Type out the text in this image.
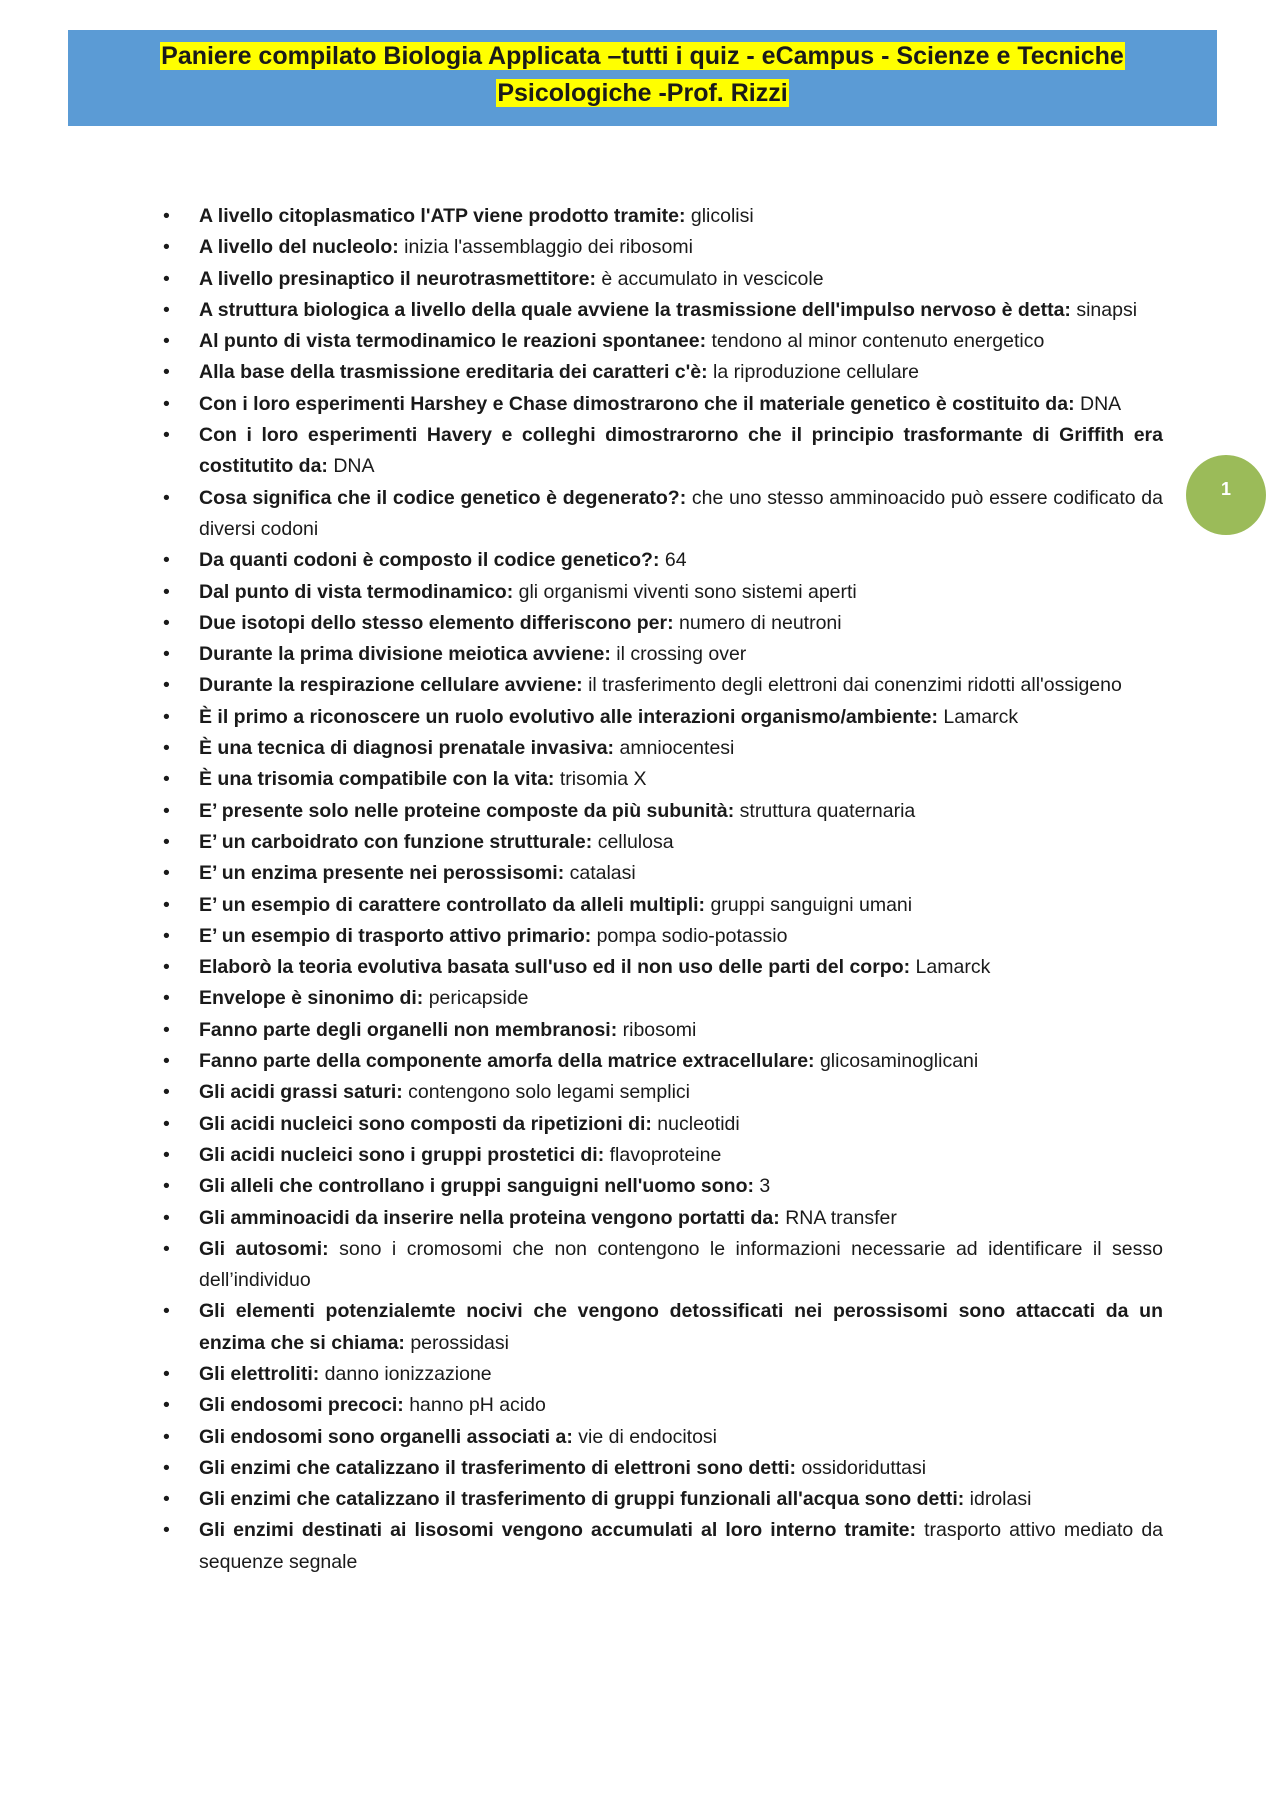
Paniere compilato Biologia Applicata –tutti i quiz - eCampus - Scienze e Tecniche
Psicologiche -Prof. Rizzi
1
• A livello citoplasmatico l'ATP viene prodotto tramite: glicolisi
• A livello del nucleolo: inizia l'assemblaggio dei ribosomi
• A livello presinaptico il neurotrasmettitore: è accumulato in vescicole
• A struttura biologica a livello della quale avviene la trasmissione dell'impulso nervoso è detta: sinapsi
• Al punto di vista termodinamico le reazioni spontanee: tendono al minor contenuto energetico
• Alla base della trasmissione ereditaria dei caratteri c'è: la riproduzione cellulare
• Con i loro esperimenti Harshey e Chase dimostrarono che il materiale genetico è costituito da: DNA
• Con i loro esperimenti Havery e colleghi dimostrarorno che il principio trasformante di Griffith era costitutito da: DNA
• Cosa significa che il codice genetico è degenerato?: che uno stesso amminoacido può essere codificato da diversi codoni
• Da quanti codoni è composto il codice genetico?: 64
• Dal punto di vista termodinamico: gli organismi viventi sono sistemi aperti
• Due isotopi dello stesso elemento differiscono per: numero di neutroni
• Durante la prima divisione meiotica avviene: il crossing over
• Durante la respirazione cellulare avviene: il trasferimento degli elettroni dai conenzimi ridotti all'ossigeno
• È il primo a riconoscere un ruolo evolutivo alle interazioni organismo/ambiente: Lamarck
• È una tecnica di diagnosi prenatale invasiva: amniocentesi
• È una trisomia compatibile con la vita: trisomia X
• E’ presente solo nelle proteine composte da più subunità: struttura quaternaria
• E’ un carboidrato con funzione strutturale: cellulosa
• E’ un enzima presente nei perossisomi: catalasi
• E’ un esempio di carattere controllato da alleli multipli: gruppi sanguigni umani
• E’ un esempio di trasporto attivo primario: pompa sodio-potassio
• Elaborò la teoria evolutiva basata sull'uso ed il non uso delle parti del corpo: Lamarck
• Envelope è sinonimo di: pericapside
• Fanno parte degli organelli non membranosi: ribosomi
• Fanno parte della componente amorfa della matrice extracellulare: glicosaminoglicani
• Gli acidi grassi saturi: contengono solo legami semplici
• Gli acidi nucleici sono composti da ripetizioni di: nucleotidi
• Gli acidi nucleici sono i gruppi prostetici di: flavoproteine
• Gli alleli che controllano i gruppi sanguigni nell'uomo sono: 3
• Gli amminoacidi da inserire nella proteina vengono portatti da: RNA transfer
• Gli autosomi: sono i cromosomi che non contengono le informazioni necessarie ad identificare il sesso dell’individuo
• Gli elementi potenzialemte nocivi che vengono detossificati nei perossisomi sono attaccati da un enzima che si chiama: perossidasi
• Gli elettroliti: danno ionizzazione
• Gli endosomi precoci: hanno pH acido
• Gli endosomi sono organelli associati a: vie di endocitosi
• Gli enzimi che catalizzano il trasferimento di elettroni sono detti: ossidoriduttasi
• Gli enzimi che catalizzano il trasferimento di gruppi funzionali all'acqua sono detti: idrolasi
• Gli enzimi destinati ai lisosomi vengono accumulati al loro interno tramite: trasporto attivo mediato da sequenze segnale
